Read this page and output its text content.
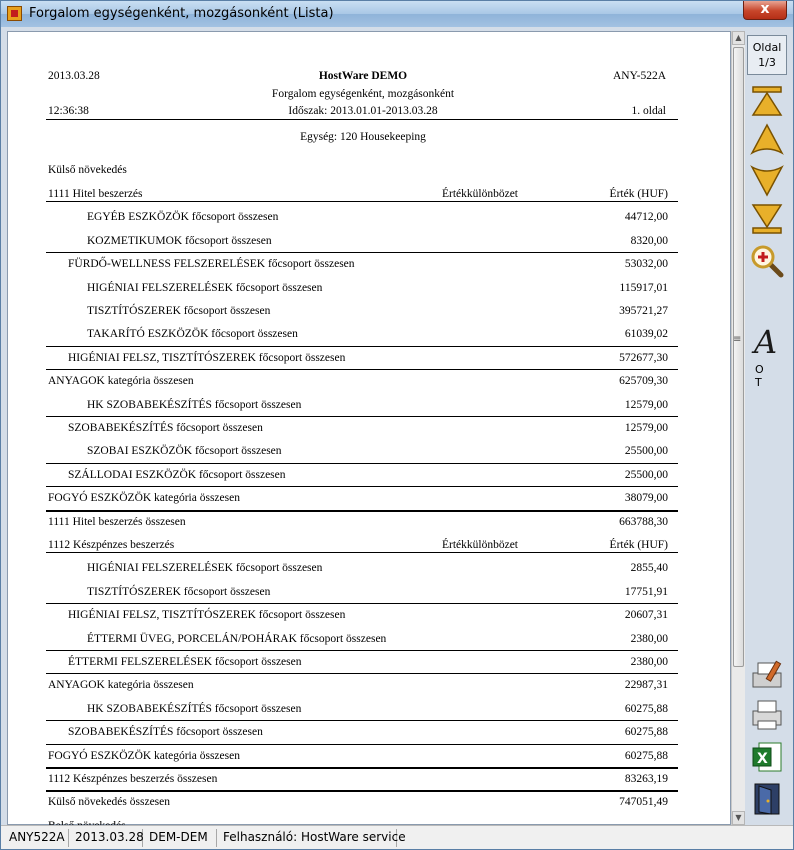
Forgalom egységenként, mozgásonként (Lista)	x
2013.03.28	HostWare DEMO	ANY-522A
Forgalom egységenként, mozgásonként
12:36:38	Időszak: 2013.01.01-2013.03.28	1. oldal
Egység: 120 Housekeeping
Külső növekedés
1111 Hitel beszerzés	Értékkülönbözet	Érték (HUF)
EGYÉB ESZKÖZÖK főcsoport összesen	44712,00
KOZMETIKUMOK főcsoport összesen	8320,00
FÜRDŐ-WELLNESS FELSZERELÉSEK főcsoport összesen	53032,00
HIGÉNIAI FELSZERELÉSEK főcsoport összesen	115917,01
TISZTÍTÓSZEREK főcsoport összesen	395721,27
TAKARÍTÓ ESZKÖZÖK főcsoport összesen	61039,02
HIGÉNIAI FELSZ, TISZTÍTÓSZEREK főcsoport összesen	572677,30
ANYAGOK kategória összesen	625709,30
HK SZOBABEKÉSZÍTÉS főcsoport összesen	12579,00
SZOBABEKÉSZÍTÉS főcsoport összesen	12579,00
SZOBAI ESZKÖZÖK főcsoport összesen	25500,00
SZÁLLODAI ESZKÖZÖK főcsoport összesen	25500,00
FOGYÓ ESZKÖZÖK kategória összesen	38079,00
1111 Hitel beszerzés összesen	663788,30
1112 Készpénzes beszerzés	Értékkülönbözet	Érték (HUF)
HIGÉNIAI FELSZERELÉSEK főcsoport összesen	2855,40
TISZTÍTÓSZEREK főcsoport összesen	17751,91
HIGÉNIAI FELSZ, TISZTÍTÓSZEREK főcsoport összesen	20607,31
ÉTTERMI ÜVEG, PORCELÁN/POHÁRAK főcsoport összesen	2380,00
ÉTTERMI FELSZERELÉSEK főcsoport összesen	2380,00
ANYAGOK kategória összesen	22987,31
HK SZOBABEKÉSZÍTÉS főcsoport összesen	60275,88
SZOBABEKÉSZÍTÉS főcsoport összesen	60275,88
FOGYÓ ESZKÖZÖK kategória összesen	60275,88
1112 Készpénzes beszerzés összesen	83263,19
Külső növekedés összesen	747051,49
▲
▼
≡
Oldal
1/3
A
O T
X
ANY522A 2013.03.28 DEM-DEM	Felhasználó: HostWare service
